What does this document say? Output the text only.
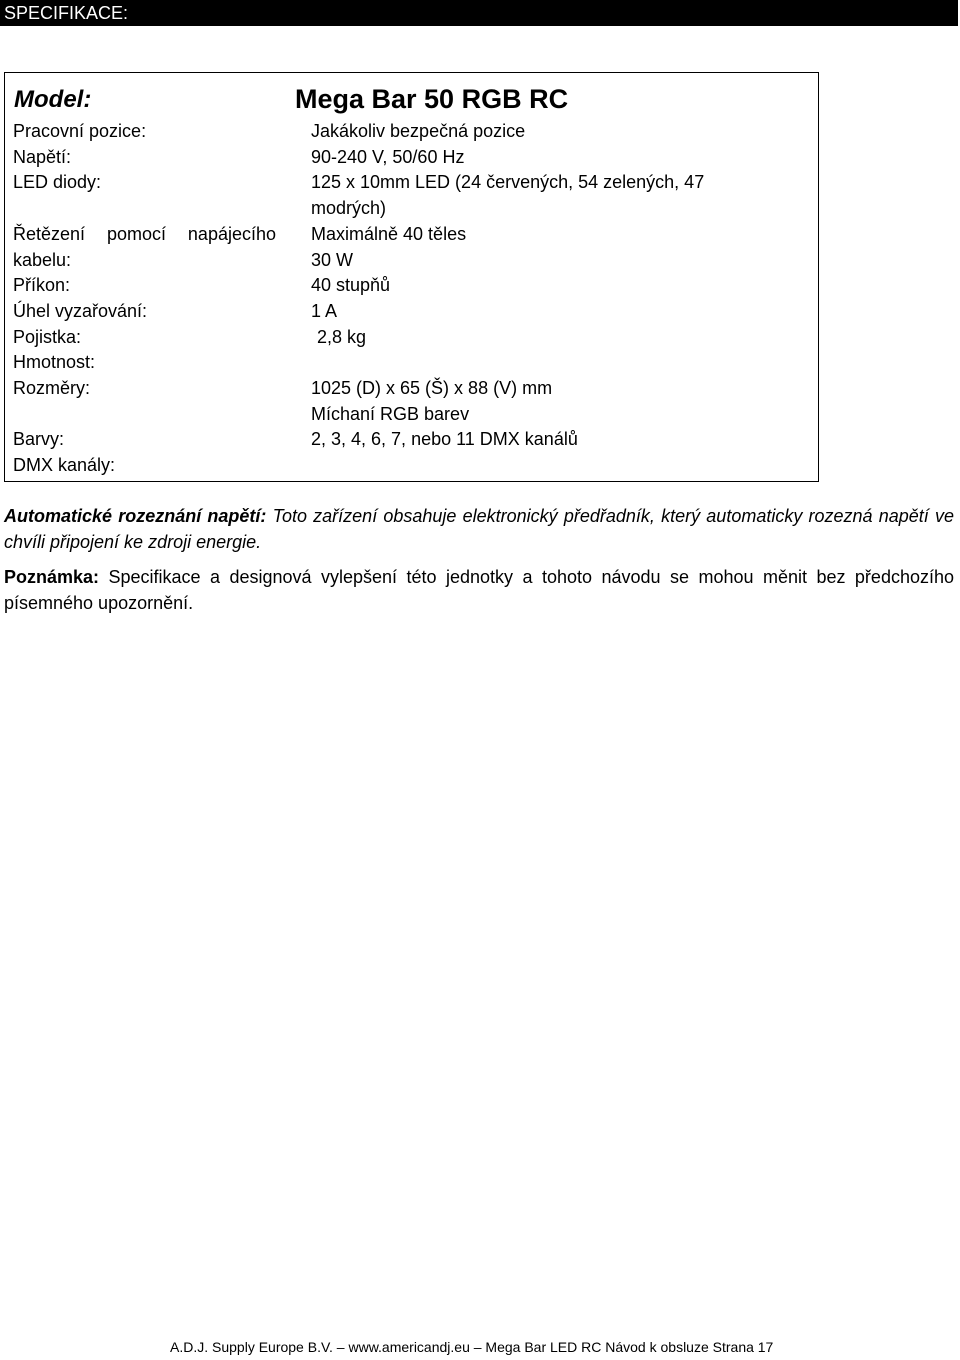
SPECIFIKACE:
Model:	Mega Bar 50 RGB RC
Pracovní pozice:
Napětí:
LED diody:

Řetězení pomocí napájecího
kabelu:
Příkon:
Úhel vyzařování:
Pojistka:
Hmotnost:
Rozměry:

Barvy:
DMX kanály:
Jakákoliv bezpečná pozice
90-240 V, 50/60 Hz
125 x 10mm LED (24 červených, 54 zelených, 47
modrých)
Maximálně 40 těles
30 W
40 stupňů
1 A
2,8 kg

1025 (D) x 65 (Š) x 88 (V) mm
Míchaní RGB barev
2, 3, 4, 6, 7, nebo 11 DMX kanálů

Automatické rozeznání napětí: Toto zařízení obsahuje elektronický předřadník, který automaticky rozezná napětí ve chvíli připojení ke zdroji energie.
Poznámka: Specifikace a designová vylepšení této jednotky a tohoto návodu se mohou měnit bez předchozího písemného upozornění.
A.D.J. Supply Europe B.V. – www.americandj.eu – Mega Bar LED RC Návod k obsluze Strana 17
